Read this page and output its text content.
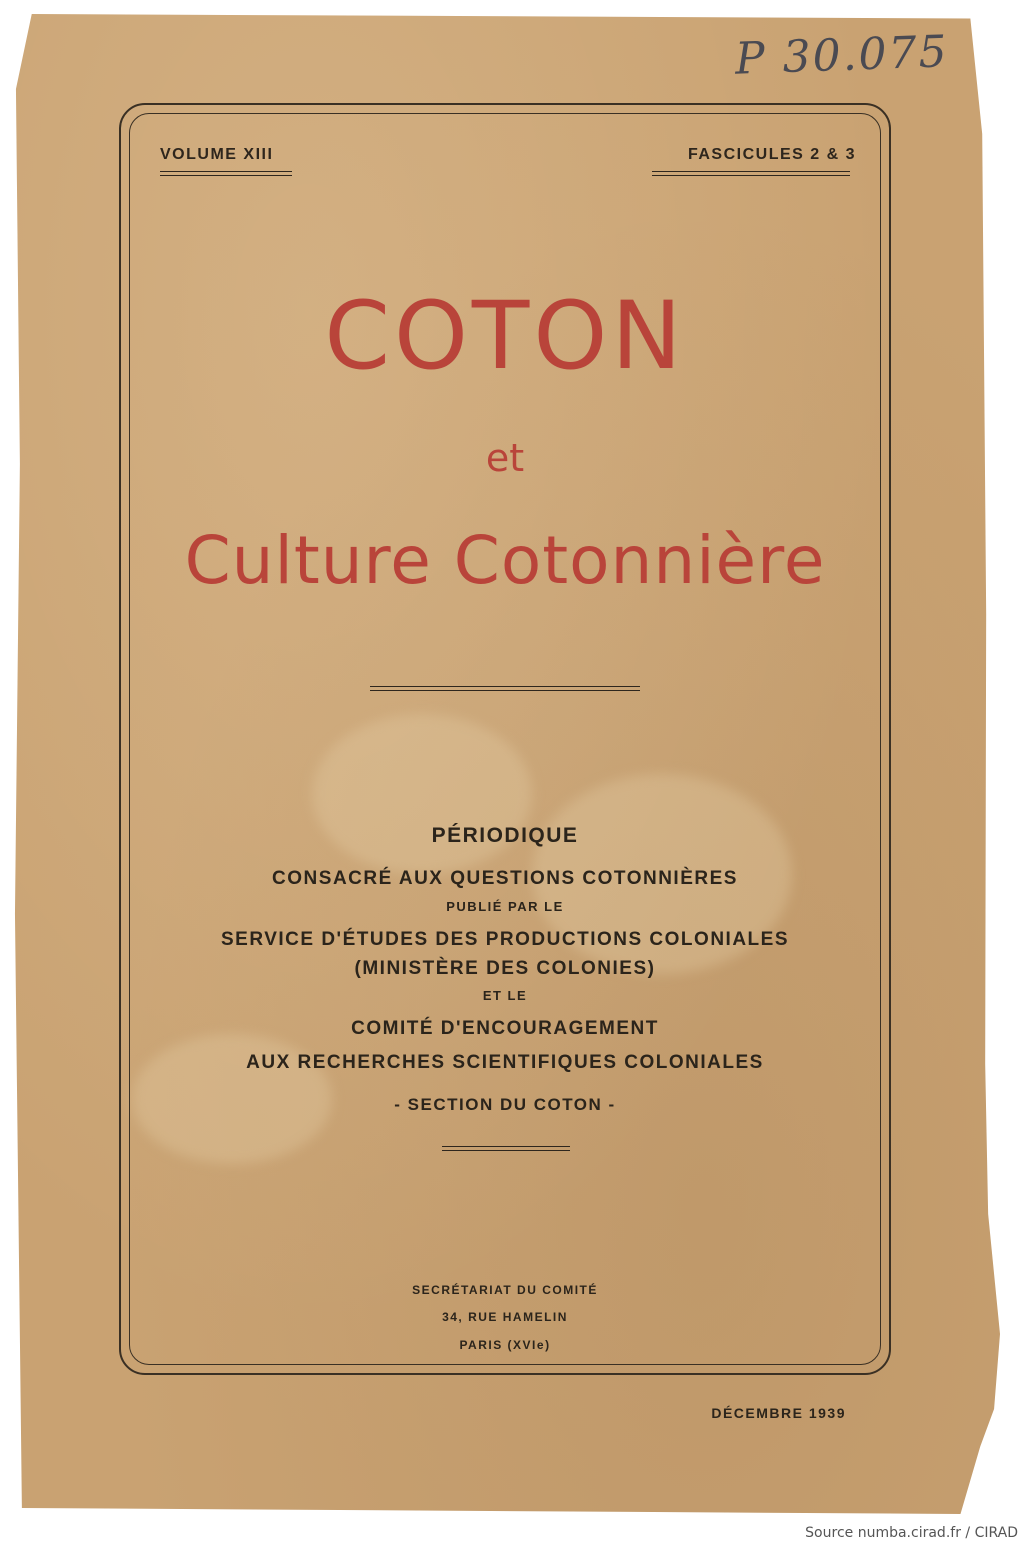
P 30.075
VOLUME XIII	FASCICULES 2 & 3
COTON
et
Culture Cotonnière
PÉRIODIQUE
CONSACRÉ AUX QUESTIONS COTONNIÈRES
PUBLIÉ PAR LE
SERVICE D'ÉTUDES DES PRODUCTIONS COLONIALES
(MINISTÈRE DES COLONIES)
ET LE
COMITÉ D'ENCOURAGEMENT
AUX RECHERCHES SCIENTIFIQUES COLONIALES
- SECTION DU COTON -
SECRÉTARIAT DU COMITÉ
34, RUE HAMELIN
PARIS (XVIe)
DÉCEMBRE 1939
Source numba.cirad.fr / CIRAD
